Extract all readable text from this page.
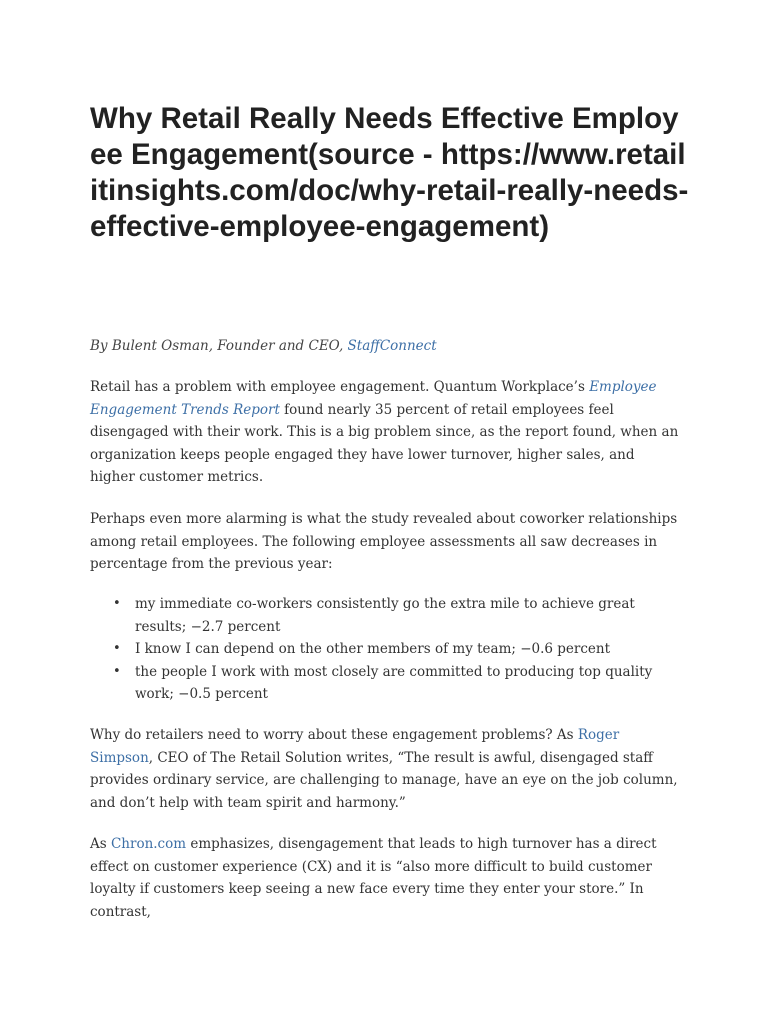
Why Retail Really Needs Effective Employee Engagement(source - https://www.retailitinsights.com/doc/why-retail-really-needs-effective-employee-engagement)

By Bulent Osman, Founder and CEO, StaffConnect

Retail has a problem with employee engagement. Quantum Workplace’s Employee Engagement Trends Report found nearly 35 percent of retail employees feel disengaged with their work. This is a big problem since, as the report found, when an organization keeps people engaged they have lower turnover, higher sales, and higher customer metrics.

Perhaps even more alarming is what the study revealed about coworker relationships among retail employees. The following employee assessments all saw decreases in percentage from the previous year:

• my immediate co-workers consistently go the extra mile to achieve great results; −2.7 percent
• I know I can depend on the other members of my team; −0.6 percent
• the people I work with most closely are committed to producing top quality work; −0.5 percent

Why do retailers need to worry about these engagement problems? As Roger Simpson, CEO of The Retail Solution writes, “The result is awful, disengaged staff provides ordinary service, are challenging to manage, have an eye on the job column, and don’t help with team spirit and harmony.”

As Chron.com emphasizes, disengagement that leads to high turnover has a direct effect on customer experience (CX) and it is “also more difficult to build customer loyalty if customers keep seeing a new face every time they enter your store.” In contrast,
